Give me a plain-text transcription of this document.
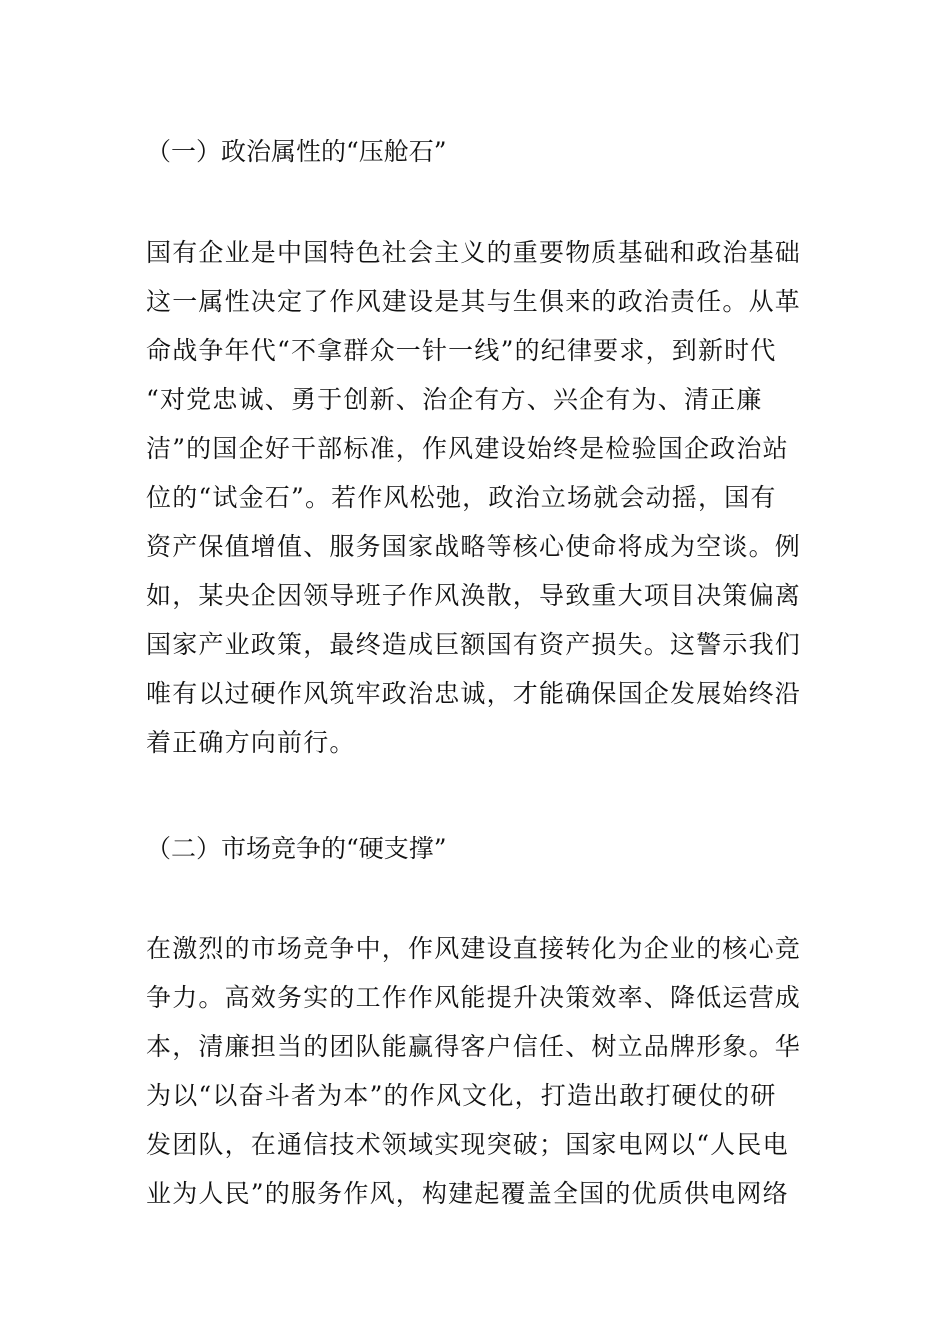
（一）政治属性的“压舱石”
国有企业是中国特色社会主义的重要物质基础和政治基础
这一属性决定了作风建设是其与生俱来的政治责任。从革
命战争年代“不拿群众一针一线”的纪律要求，到新时代
“对党忠诚、勇于创新、治企有方、兴企有为、清正廉
洁”的国企好干部标准，作风建设始终是检验国企政治站
位的“试金石”。若作风松弛，政治立场就会动摇，国有
资产保值增值、服务国家战略等核心使命将成为空谈。例
如，某央企因领导班子作风涣散，导致重大项目决策偏离
国家产业政策，最终造成巨额国有资产损失。这警示我们
唯有以过硬作风筑牢政治忠诚，才能确保国企发展始终沿
着正确方向前行。
（二）市场竞争的“硬支撑”
在激烈的市场竞争中，作风建设直接转化为企业的核心竞
争力。高效务实的工作作风能提升决策效率、降低运营成
本，清廉担当的团队能赢得客户信任、树立品牌形象。华
为以“以奋斗者为本”的作风文化，打造出敢打硬仗的研
发团队，在通信技术领域实现突破；国家电网以“人民电
业为人民”的服务作风，构建起覆盖全国的优质供电网络
